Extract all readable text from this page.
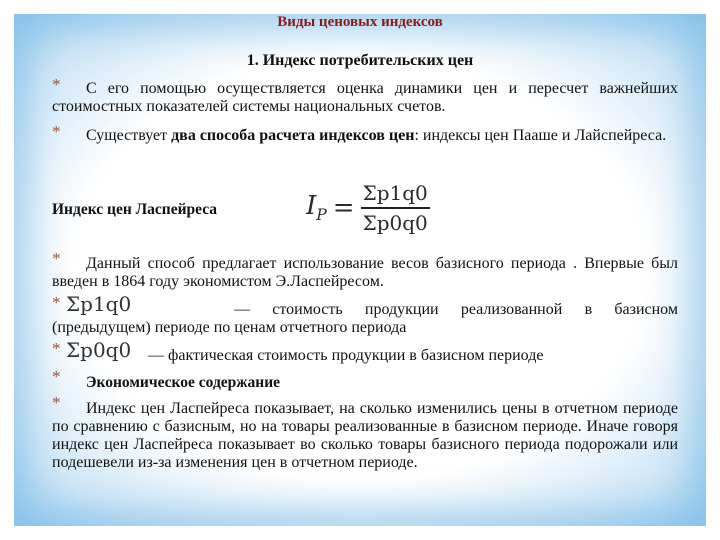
Виды ценовых индексов
1. Индекс потребительских цен
*	С его помощью осуществляется оценка динамики цен и пересчет важнейших стоимостных показателей системы национальных счетов.
*	Существует два способа расчета индексов цен: индексы цен Пааше и Лайспейреса.
Индекс цен Ласпейреса	$I_P = \frac{\Sigma p1q0}{\Sigma p0q0}$
*	Данный способ предлагает использование весов базисного периода . Впервые был введен в 1864 году экономистом Э.Ласпейресом.
* Σp1q0	— стоимость продукции реализованной в базисном (предыдущем) периоде по ценам отчетного периода
* Σp0q0 — фактическая стоимость продукции в базисном периоде
* Экономическое содержание
*	Индекс цен Ласпейреса показывает, на сколько изменились цены в отчетном периоде по сравнению с базисным, но на товары реализованные в базисном периоде. Иначе говоря индекс цен Ласпейреса показывает во сколько товары базисного периода подорожали или подешевели из-за изменения цен в отчетном периоде.
